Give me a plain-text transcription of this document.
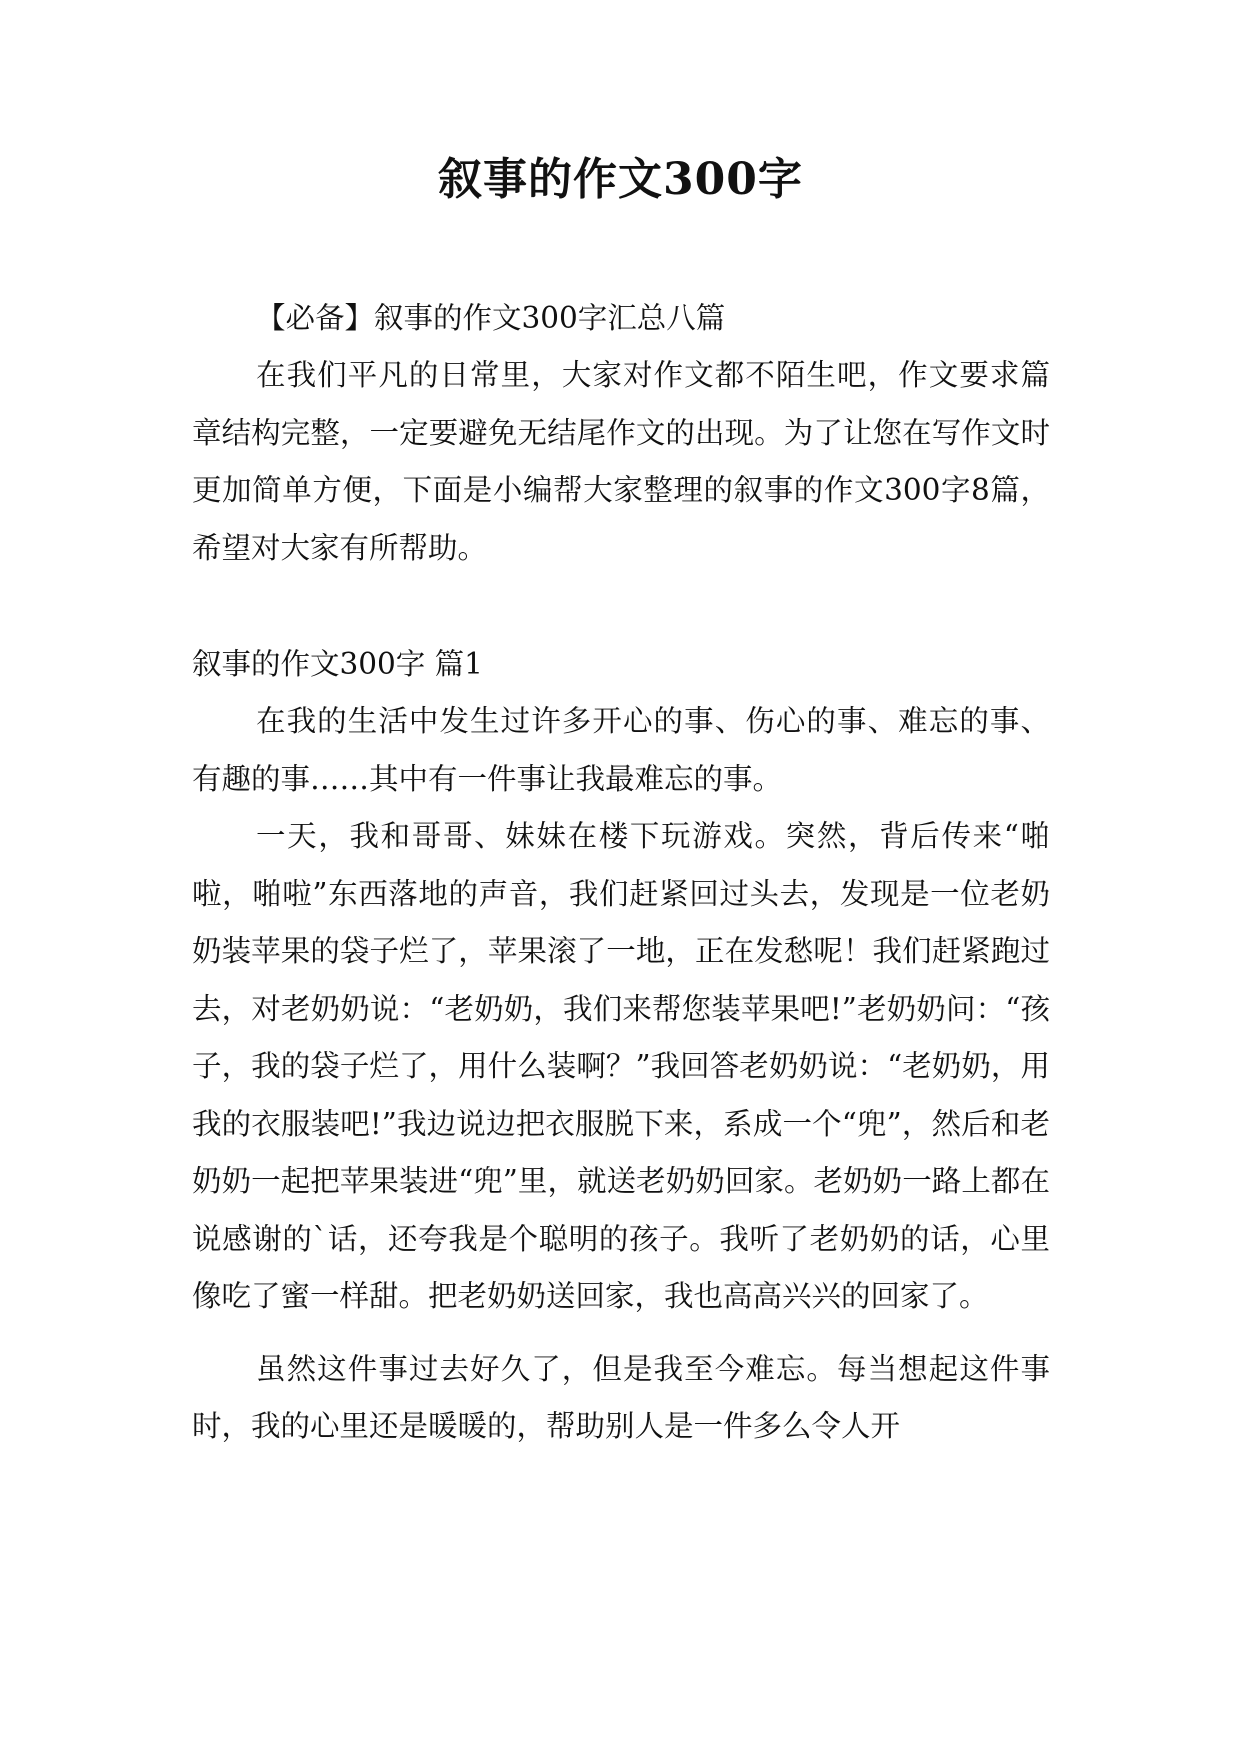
叙事的作文300字

【必备】叙事的作文300字汇总八篇

在我们平凡的日常里，大家对作文都不陌生吧，作文要求篇章结构完整，一定要避免无结尾作文的出现。为了让您在写作文时更加简单方便，下面是小编帮大家整理的叙事的作文300字8篇，希望对大家有所帮助。

叙事的作文300字 篇1

在我的生活中发生过许多开心的事、伤心的事、难忘的事、有趣的事……其中有一件事让我最难忘的事。

一天，我和哥哥、妹妹在楼下玩游戏。突然，背后传来“啪啦，啪啦”东西落地的声音，我们赶紧回过头去，发现是一位老奶奶装苹果的袋子烂了，苹果滚了一地，正在发愁呢！我们赶紧跑过去，对老奶奶说：“老奶奶，我们来帮您装苹果吧!”老奶奶问：“孩子，我的袋子烂了，用什么装啊？”我回答老奶奶说：“老奶奶，用我的衣服装吧!”我边说边把衣服脱下来，系成一个“兜”，然后和老奶奶一起把苹果装进“兜”里，就送老奶奶回家。老奶奶一路上都在说感谢的`话，还夸我是个聪明的孩子。我听了老奶奶的话，心里像吃了蜜一样甜。把老奶奶送回家，我也高高兴兴的回家了。

虽然这件事过去好久了，但是我至今难忘。每当想起这件事时，我的心里还是暖暖的，帮助别人是一件多么令人开
